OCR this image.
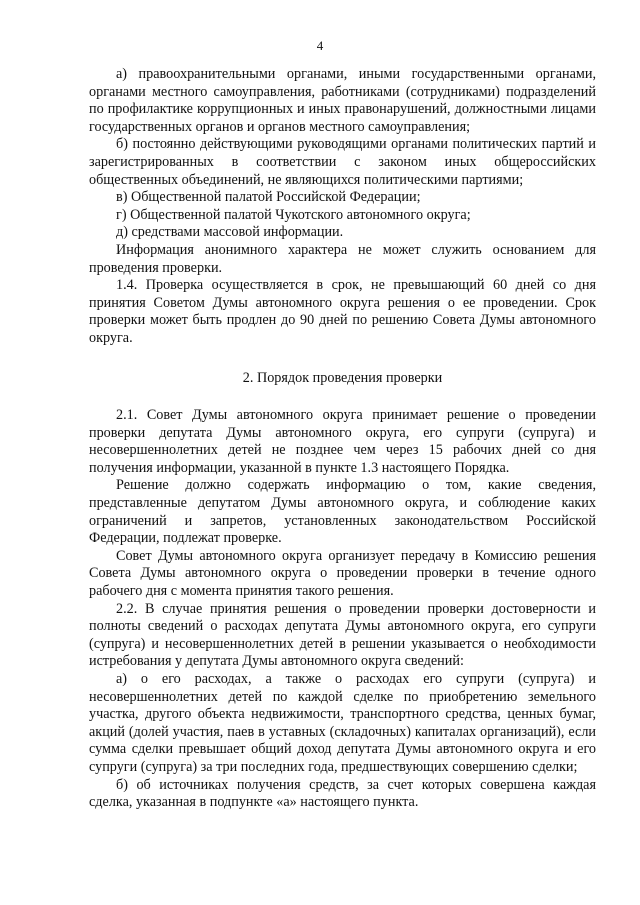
4

а) правоохранительными органами, иными государственными органами, органами местного самоуправления, работниками (сотрудниками) подразделений по профилактике коррупционных и иных правонарушений, должностными лицами государственных органов и органов местного самоуправления;

б) постоянно действующими руководящими органами политических партий и зарегистрированных в соответствии с законом иных общероссийских общественных объединений, не являющихся политическими партиями;

в) Общественной палатой Российской Федерации;

г) Общественной палатой Чукотского автономного округа;

д) средствами массовой информации.

Информация анонимного характера не может служить основанием для проведения проверки.

1.4. Проверка осуществляется в срок, не превышающий 60 дней со дня принятия Советом Думы автономного округа решения о ее проведении. Срок проверки может быть продлен до 90 дней по решению Совета Думы автономного округа.

2. Порядок проведения проверки

2.1. Совет Думы автономного округа принимает решение о проведении проверки депутата Думы автономного округа, его супруги (супруга) и несовершеннолетних детей не позднее чем через 15 рабочих дней со дня получения информации, указанной в пункте 1.3 настоящего Порядка.

Решение должно содержать информацию о том, какие сведения, представленные депутатом Думы автономного округа, и соблюдение каких ограничений и запретов, установленных законодательством Российской Федерации, подлежат проверке.

Совет Думы автономного округа организует передачу в Комиссию решения Совета Думы автономного округа о проведении проверки в течение одного рабочего дня с момента принятия такого решения.

2.2. В случае принятия решения о проведении проверки достоверности и полноты сведений о расходах депутата Думы автономного округа, его супруги (супруга) и несовершеннолетних детей в решении указывается о необходимости истребования у депутата Думы автономного округа сведений:

а) о его расходах, а также о расходах его супруги (супруга) и несовершеннолетних детей по каждой сделке по приобретению земельного участка, другого объекта недвижимости, транспортного средства, ценных бумаг, акций (долей участия, паев в уставных (складочных) капиталах организаций), если сумма сделки превышает общий доход депутата Думы автономного округа и его супруги (супруга) за три последних года, предшествующих совершению сделки;

б) об источниках получения средств, за счет которых совершена каждая сделка, указанная в подпункте «а» настоящего пункта.
